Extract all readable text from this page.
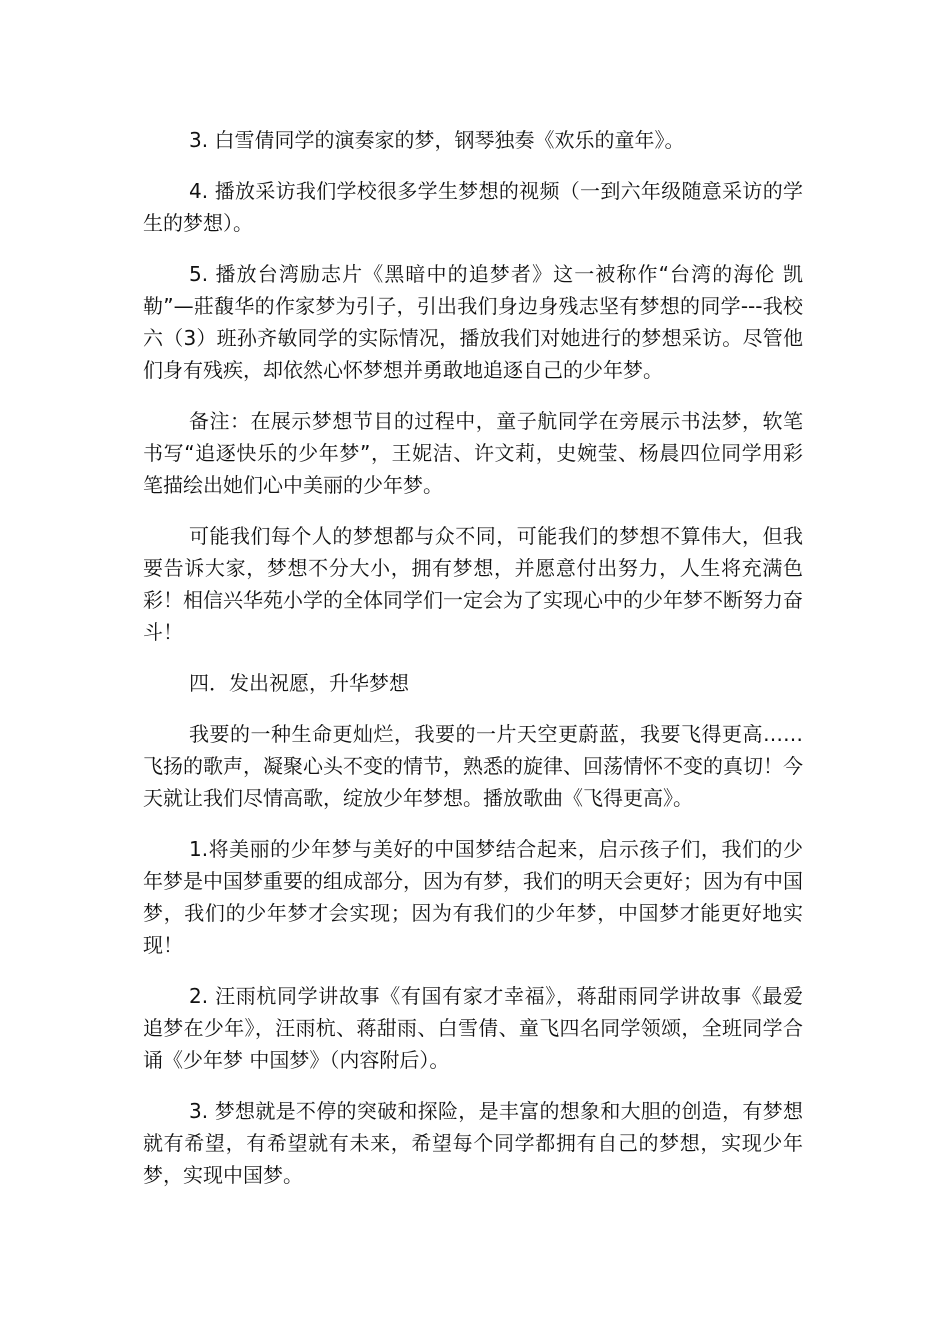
3. 白雪倩同学的演奏家的梦，钢琴独奏《欢乐的童年》。

4. 播放采访我们学校很多学生梦想的视频（一到六年级随意采访的学生的梦想）。

5. 播放台湾励志片《黑暗中的追梦者》这一被称作“台湾的海伦 凯勒”—莊馥华的作家梦为引子，引出我们身边身残志坚有梦想的同学---我校六（3）班孙齐敏同学的实际情况，播放我们对她进行的梦想采访。尽管他们身有残疾，却依然心怀梦想并勇敢地追逐自己的少年梦。

备注：在展示梦想节目的过程中，童子航同学在旁展示书法梦，软笔书写“追逐快乐的少年梦”，王妮洁、许文莉，史婉莹、杨晨四位同学用彩笔描绘出她们心中美丽的少年梦。

可能我们每个人的梦想都与众不同，可能我们的梦想不算伟大，但我要告诉大家，梦想不分大小，拥有梦想，并愿意付出努力，人生将充满色彩！相信兴华苑小学的全体同学们一定会为了实现心中的少年梦不断努力奋斗！

四．发出祝愿，升华梦想

我要的一种生命更灿烂，我要的一片天空更蔚蓝，我要飞得更高……飞扬的歌声，凝聚心头不变的情节，熟悉的旋律、回荡情怀不变的真切！今天就让我们尽情高歌，绽放少年梦想。播放歌曲《飞得更高》。

1.将美丽的少年梦与美好的中国梦结合起来，启示孩子们，我们的少年梦是中国梦重要的组成部分，因为有梦，我们的明天会更好；因为有中国梦，我们的少年梦才会实现；因为有我们的少年梦，中国梦才能更好地实现！

2. 汪雨杭同学讲故事《有国有家才幸福》，蒋甜雨同学讲故事《最爱追梦在少年》，汪雨杭、蒋甜雨、白雪倩、童飞四名同学领颂，全班同学合诵《少年梦 中国梦》（内容附后）。

3. 梦想就是不停的突破和探险，是丰富的想象和大胆的创造，有梦想就有希望，有希望就有未来，希望每个同学都拥有自己的梦想，实现少年梦，实现中国梦。
